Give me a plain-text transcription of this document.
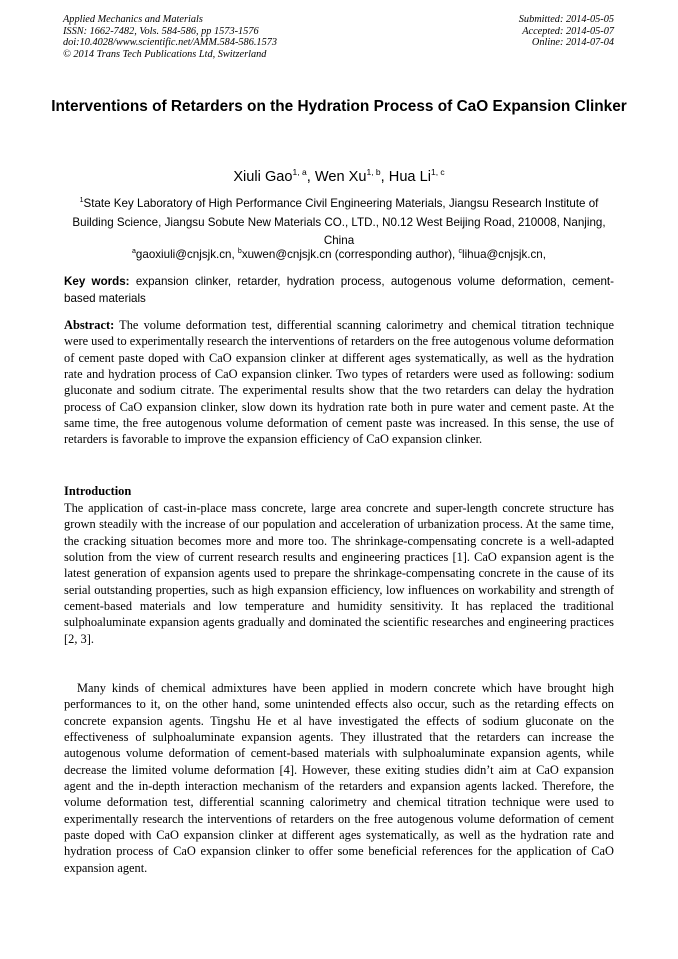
Applied Mechanics and Materials
ISSN: 1662-7482, Vols. 584-586, pp 1573-1576
doi:10.4028/www.scientific.net/AMM.584-586.1573
© 2014 Trans Tech Publications Ltd, Switzerland
Submitted: 2014-05-05
Accepted: 2014-05-07
Online: 2014-07-04
Interventions of Retarders on the Hydration Process of CaO Expansion Clinker
Xiuli Gao$^{1, a}$, Wen Xu$^{1, b}$, Hua Li$^{1, c}$
$^1$State Key Laboratory of High Performance Civil Engineering Materials, Jiangsu Research Institute of Building Science, Jiangsu Sobute New Materials CO., LTD., N0.12 West Beijing Road, 210008, Nanjing, China
$^a$gaoxiuli@cnjsjk.cn, $^b$xuwen@cnjsjk.cn (corresponding author), $^c$lihua@cnjsjk.cn,
Key words: expansion clinker, retarder, hydration process, autogenous volume deformation, cement-based materials
Abstract: The volume deformation test, differential scanning calorimetry and chemical titration technique were used to experimentally research the interventions of retarders on the free autogenous volume deformation of cement paste doped with CaO expansion clinker at different ages systematically, as well as the hydration rate and hydration process of CaO expansion clinker. Two types of retarders were used as following: sodium gluconate and sodium citrate. The experimental results show that the two retarders can delay the hydration process of CaO expansion clinker, slow down its hydration rate both in pure water and cement paste. At the same time, the free autogenous volume deformation of cement paste was increased. In this sense, the use of retarders is favorable to improve the expansion efficiency of CaO expansion clinker.
Introduction
The application of cast-in-place mass concrete, large area concrete and super-length concrete structure has grown steadily with the increase of our population and acceleration of urbanization process. At the same time, the cracking situation becomes more and more too. The shrinkage-compensating concrete is a well-adapted solution from the view of current research results and engineering practices [1]. CaO expansion agent is the latest generation of expansion agents used to prepare the shrinkage-compensating concrete in the cause of its serial outstanding properties, such as high expansion efficiency, low influences on workability and strength of cement-based materials and low temperature and humidity sensitivity. It has replaced the traditional sulphoaluminate expansion agents gradually and dominated the scientific researches and engineering practices [2, 3].
Many kinds of chemical admixtures have been applied in modern concrete which have brought high performances to it, on the other hand, some unintended effects also occur, such as the retarding effects on concrete expansion agents. Tingshu He et al have investigated the effects of sodium gluconate on the effectiveness of sulphoaluminate expansion agents. They illustrated that the retarders can increase the autogenous volume deformation of cement-based materials with sulphoaluminate expansion agents, while decrease the limited volume deformation [4]. However, these exiting studies didn’t aim at CaO expansion agent and the in-depth interaction mechanism of the retarders and expansion agents lacked. Therefore, the volume deformation test, differential scanning calorimetry and chemical titration technique were used to experimentally research the interventions of retarders on the free autogenous volume deformation of cement paste doped with CaO expansion clinker at different ages systematically, as well as the hydration rate and hydration process of CaO expansion clinker to offer some beneficial references for the application of CaO expansion agent.
